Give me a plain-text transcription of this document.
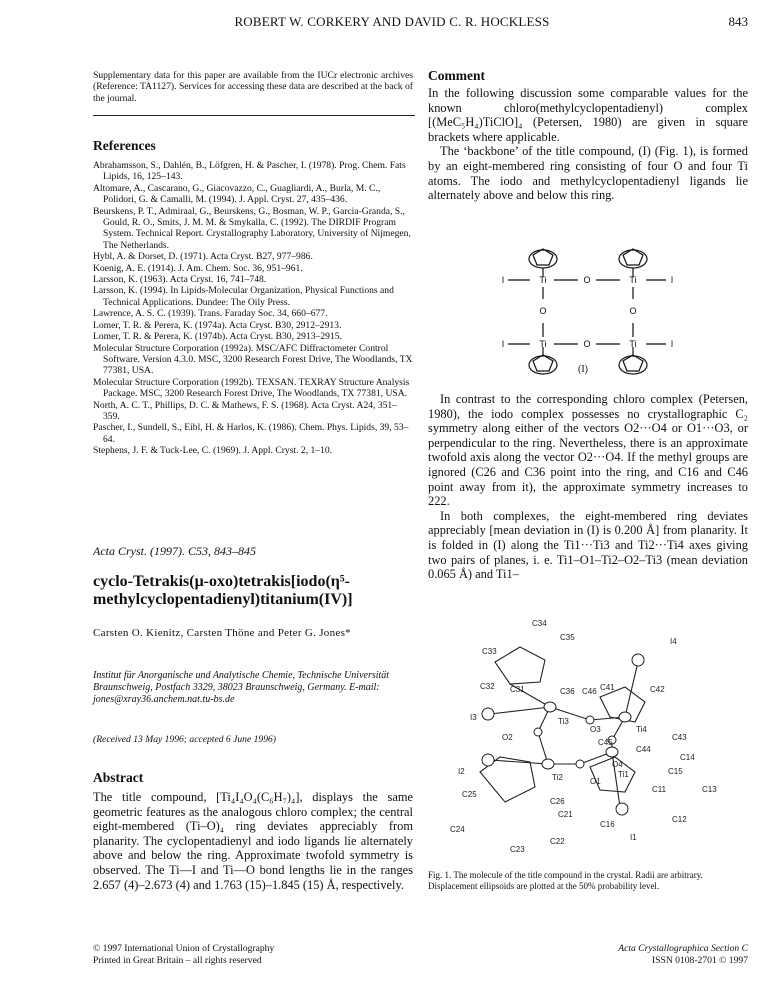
ROBERT W. CORKERY AND DAVID C. R. HOCKLESS	843
Supplementary data for this paper are available from the IUCr electronic archives (Reference: TA1127). Services for accessing these data are described at the back of the journal.
References

Abrahamsson, S., Dahlén, B., Löfgren, H. & Pascher, I. (1978). Prog. Chem. Fats Lipids, 16, 125–143.

Altomare, A., Cascarano, G., Giacovazzo, C., Guagliardi, A., Burla, M. C., Polidori, G. & Camalli, M. (1994). J. Appl. Cryst. 27, 435–436.

Beurskens, P. T., Admiraal, G., Beurskens, G., Bosman, W. P., Garcia-Granda, S., Gould, R. O., Smits, J. M. M. & Smykalla, C. (1992). The DIRDIF Program System. Technical Report. Crystallography Laboratory, University of Nijmegen, The Netherlands.

Hybl, A. & Dorset, D. (1971). Acta Cryst. B27, 977–986.

Koenig, A. E. (1914). J. Am. Chem. Soc. 36, 951–961.

Larsson, K. (1963). Acta Cryst. 16, 741–748.

Larsson, K. (1994). In Lipids-Molecular Organization, Physical Functions and Technical Applications. Dundee: The Oily Press.

Lawrence, A. S. C. (1939). Trans. Faraday Soc. 34, 660–677.

Lomer, T. R. & Perera, K. (1974a). Acta Cryst. B30, 2912–2913.

Lomer, T. R. & Perera, K. (1974b). Acta Cryst. B30, 2913–2915.

Molecular Structure Corporation (1992a). MSC/AFC Diffractometer Control Software. Version 4.3.0. MSC, 3200 Research Forest Drive, The Woodlands, TX 77381, USA.

Molecular Structure Corporation (1992b). TEXSAN. TEXRAY Structure Analysis Package. MSC, 3200 Research Forest Drive, The Woodlands, TX 77381, USA.

North, A. C. T., Phillips, D. C. & Mathews, F. S. (1968). Acta Cryst. A24, 351–359.

Pascher, I., Sundell, S., Eibl, H. & Harlos, K. (1986). Chem. Phys. Lipids, 39, 53–64.

Stephens, J. F. & Tuck-Lee, C. (1969). J. Appl. Cryst. 2, 1–10.

Acta Cryst. (1997). C53, 843–845
cyclo-Tetrakis(μ-oxo)tetrakis[iodo(η⁵-methylcyclopentadienyl)titanium(IV)]
Carsten O. Kienitz, Carsten Thöne and Peter G. Jones*
Institut für Anorganische und Analytische Chemie, Technische Universität Braunschweig, Postfach 3329, 38023 Braunschweig, Germany. E-mail: jones@xray36.anchem.nat.tu-bs.de
(Received 13 May 1996; accepted 6 June 1996)
Abstract
The title compound, [Ti₄I₄O₄(C₆H₇)₄], displays the same geometric features as the analogous chloro complex; the central eight-membered (Ti–O)₄ ring deviates appreciably from planarity. The cyclopentadienyl and iodo ligands lie alternately above and below the ring. Approximate twofold symmetry is observed. The Ti—I and Ti—O bond lengths lie in the ranges 2.657 (4)–2.673 (4) and 1.763 (15)–1.845 (15) Å, respectively.
© 1997 International Union of Crystallography
Printed in Great Britain – all rights reserved
Comment
In the following discussion some comparable values for the known chloro(methylcyclopentadienyl) complex [(MeC₅H₄)TiClO]₄ (Petersen, 1980) are given in square brackets where applicable.
The ‘backbone’ of the title compound, (I) (Fig. 1), is formed by an eight-membered ring consisting of four O and four Ti atoms. The iodo and methylcyclopentadienyl ligands lie alternately above and below this ring.
I	Ti	O	Ti	I
O	O
I	Ti	O	Ti	I
(I)
In contrast to the corresponding chloro complex (Petersen, 1980), the iodo complex possesses no crystallographic C₂ symmetry along either of the vectors O2···O4 or O1···O3, or perpendicular to the ring. Nevertheless, there is an approximate twofold axis along the vector O2···O4. If the methyl groups are ignored (C26 and C36 point into the ring, and C16 and C46 point away from it), the approximate symmetry increases to 222.
In both complexes, the eight-membered ring deviates appreciably [mean deviation in (I) is 0.200 Å] from planarity. It is folded in (I) along the Ti1···Ti3 and Ti2···Ti4 axes giving two pairs of planes, i. e. Ti1–O1–Ti2–O2–Ti3 (mean deviation 0.065 Å) and Ti1–
C34
C35
C33
I4
C36 C46
C32 C31	C41	C42
I3	Ti3
O3	Ti4
C43
C45
C44
O2
O4
C14
Ti1	C15
I2
Ti2	O1
C11	C13
C25
C26
C21
C24
C16
C12
I1
C22
C23
Fig. 1. The molecule of the title compound in the crystal. Radii are arbitrary. Displacement ellipsoids are plotted at the 50% probability level.
Acta Crystallographica Section C
ISSN 0108-2701 © 1997
